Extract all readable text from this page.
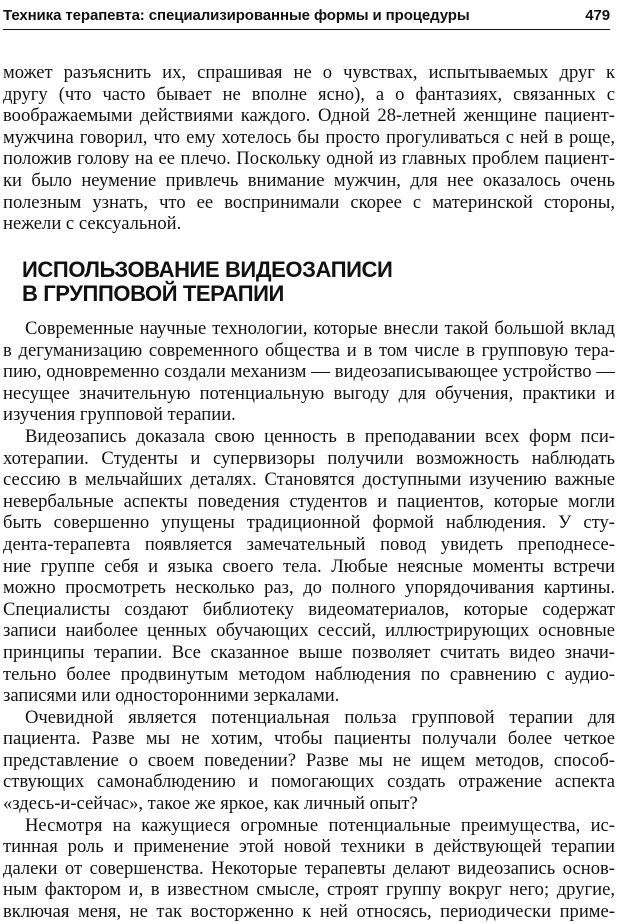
Техника терапевта: специализированные формы и процедуры	479
может разъяснить их, спрашивая не о чувствах, испытываемых друг к
другу (что часто бывает не вполне ясно), а о фантазиях, связанных с
воображаемыми действиями каждого. Одной 28-летней женщине пациент-
мужчина говорил, что ему хотелось бы просто прогуливаться с ней в роще,
положив голову на ее плечо. Поскольку одной из главных проблем пациент-
ки было неумение привлечь внимание мужчин, для нее оказалось очень
полезным узнать, что ее воспринимали скорее с материнской стороны,
нежели с сексуальной.
ИСПОЛЬЗОВАНИЕ ВИДЕОЗАПИСИ
В ГРУППОВОЙ ТЕРАПИИ
Современные научные технологии, которые внесли такой большой вклад
в дегуманизацию современного общества и в том числе в групповую тера-
пию, одновременно создали механизм — видеозаписывающее устройство —
несущее значительную потенциальную выгоду для обучения, практики и
изучения групповой терапии.
Видеозапись доказала свою ценность в преподавании всех форм пси-
хотерапии. Студенты и супервизоры получили возможность наблюдать
сессию в мельчайших деталях. Становятся доступными изучению важные
невербальные аспекты поведения студентов и пациентов, которые могли
быть совершенно упущены традиционной формой наблюдения. У сту-
дента-терапевта появляется замечательный повод увидеть преподнесе-
ние группе себя и языка своего тела. Любые неясные моменты встречи
можно просмотреть несколько раз, до полного упорядочивания картины.
Специалисты создают библиотеку видеоматериалов, которые содержат
записи наиболее ценных обучающих сессий, иллюстрирующих основные
принципы терапии. Все сказанное выше позволяет считать видео значи-
тельно более продвинутым методом наблюдения по сравнению с аудио-
записями или односторонними зеркалами.
Очевидной является потенциальная польза групповой терапии для
пациента. Разве мы не хотим, чтобы пациенты получали более четкое
представление о своем поведении? Разве мы не ищем методов, способ-
ствующих самонаблюдению и помогающих создать отражение аспекта
«здесь-и-сейчас», такое же яркое, как личный опыт?
Несмотря на кажущиеся огромные потенциальные преимущества, ис-
тинная роль и применение этой новой техники в действующей терапии
далеки от совершенства. Некоторые терапевты делают видеозапись основ-
ным фактором и, в известном смысле, строят группу вокруг него; другие,
включая меня, не так восторженно к ней относясь, периодически приме-
